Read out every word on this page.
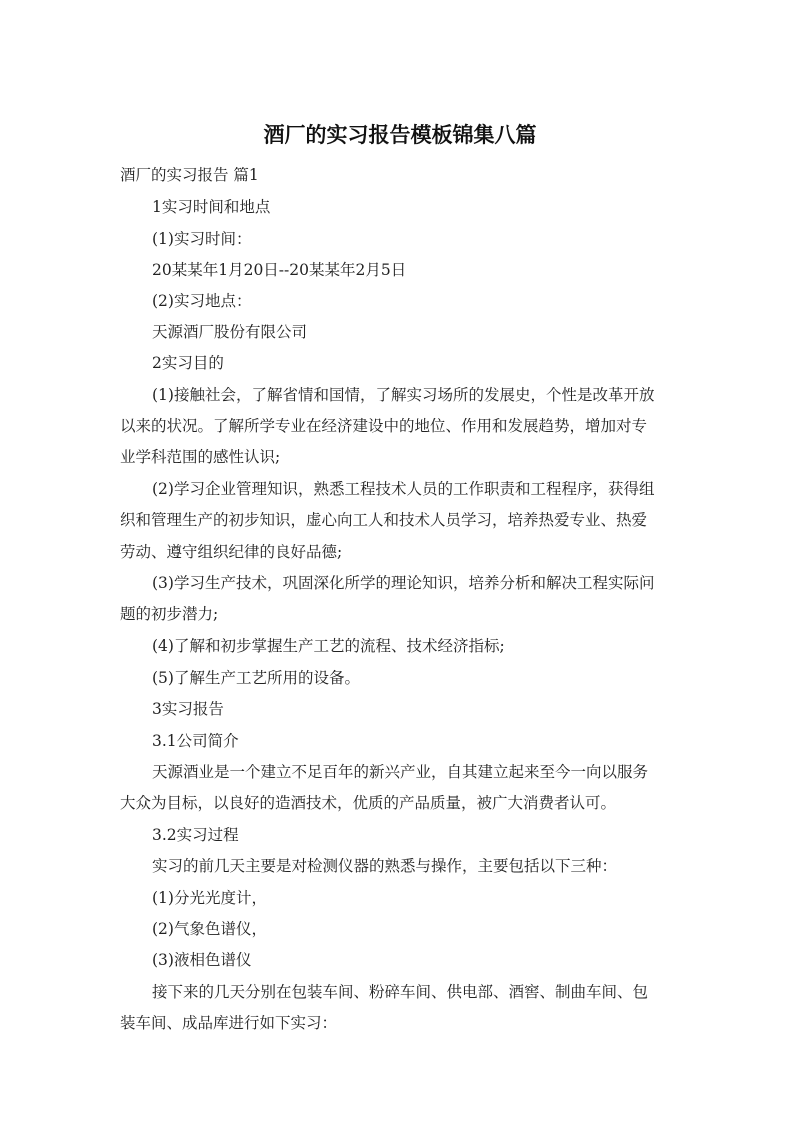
酒厂的实习报告模板锦集八篇
酒厂的实习报告 篇1
1实习时间和地点
(1)实习时间：
20某某年1月20日--20某某年2月5日
(2)实习地点：
天源酒厂股份有限公司
2实习目的
(1)接触社会，了解省情和国情，了解实习场所的发展史，个性是改革开放
以来的状况。了解所学专业在经济建设中的地位、作用和发展趋势，增加对专
业学科范围的感性认识;
(2)学习企业管理知识，熟悉工程技术人员的工作职责和工程程序，获得组
织和管理生产的初步知识，虚心向工人和技术人员学习，培养热爱专业、热爱
劳动、遵守组织纪律的良好品德;
(3)学习生产技术，巩固深化所学的理论知识，培养分析和解决工程实际问
题的初步潜力;
(4)了解和初步掌握生产工艺的流程、技术经济指标;
(5)了解生产工艺所用的设备。
3实习报告
3.1公司简介
天源酒业是一个建立不足百年的新兴产业，自其建立起来至今一向以服务
大众为目标，以良好的造酒技术，优质的产品质量，被广大消费者认可。
3.2实习过程
实习的前几天主要是对检测仪器的熟悉与操作，主要包括以下三种：
(1)分光光度计，
(2)气象色谱仪，
(3)液相色谱仪
接下来的几天分别在包装车间、粉碎车间、供电部、酒窖、制曲车间、包
装车间、成品库进行如下实习：
